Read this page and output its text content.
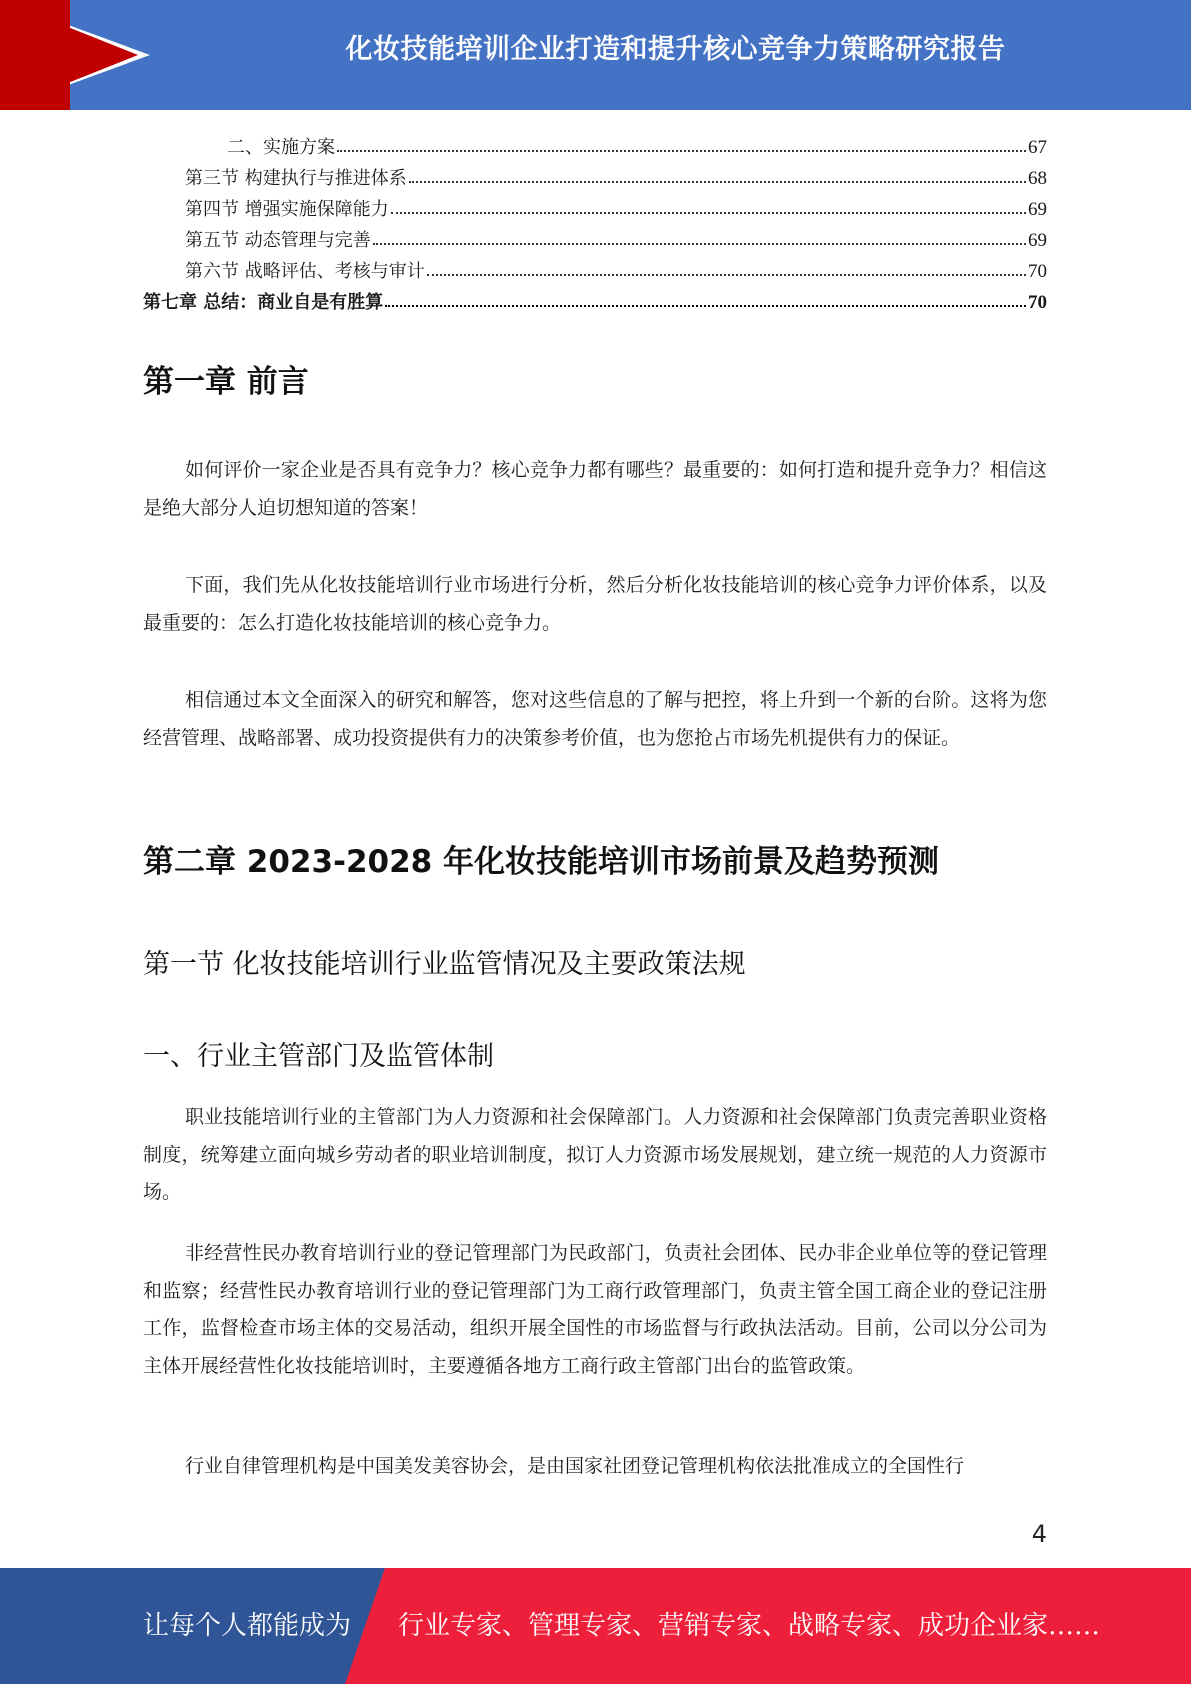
化妆技能培训企业打造和提升核心竞争力策略研究报告
二、实施方案	67
第三节 构建执行与推进体系	68
第四节 增强实施保障能力	69
第五节 动态管理与完善	69
第六节 战略评估、考核与审计	70
第七章 总结：商业自是有胜算	70
第一章 前言

如何评价一家企业是否具有竞争力？核心竞争力都有哪些？最重要的：如何打造和提升竞争力？相信这是绝大部分人迫切想知道的答案！

下面，我们先从化妆技能培训行业市场进行分析，然后分析化妆技能培训的核心竞争力评价体系，以及最重要的：怎么打造化妆技能培训的核心竞争力。

相信通过本文全面深入的研究和解答，您对这些信息的了解与把控，将上升到一个新的台阶。这将为您经营管理、战略部署、成功投资提供有力的决策参考价值，也为您抢占市场先机提供有力的保证。

第二章 2023-2028 年化妆技能培训市场前景及趋势预测
第一节 化妆技能培训行业监管情况及主要政策法规
一、行业主管部门及监管体制

职业技能培训行业的主管部门为人力资源和社会保障部门。人力资源和社会保障部门负责完善职业资格制度，统筹建立面向城乡劳动者的职业培训制度，拟订人力资源市场发展规划，建立统一规范的人力资源市场。

非经营性民办教育培训行业的登记管理部门为民政部门，负责社会团体、民办非企业单位等的登记管理和监察；经营性民办教育培训行业的登记管理部门为工商行政管理部门，负责主管全国工商企业的登记注册工作，监督检查市场主体的交易活动，组织开展全国性的市场监督与行政执法活动。目前，公司以分公司为主体开展经营性化妆技能培训时，主要遵循各地方工商行政主管部门出台的监管政策。

行业自律管理机构是中国美发美容协会，是由国家社团登记管理机构依法批准成立的全国性行

4
让每个人都能成为 行业专家、管理专家、营销专家、战略专家、成功企业家……
